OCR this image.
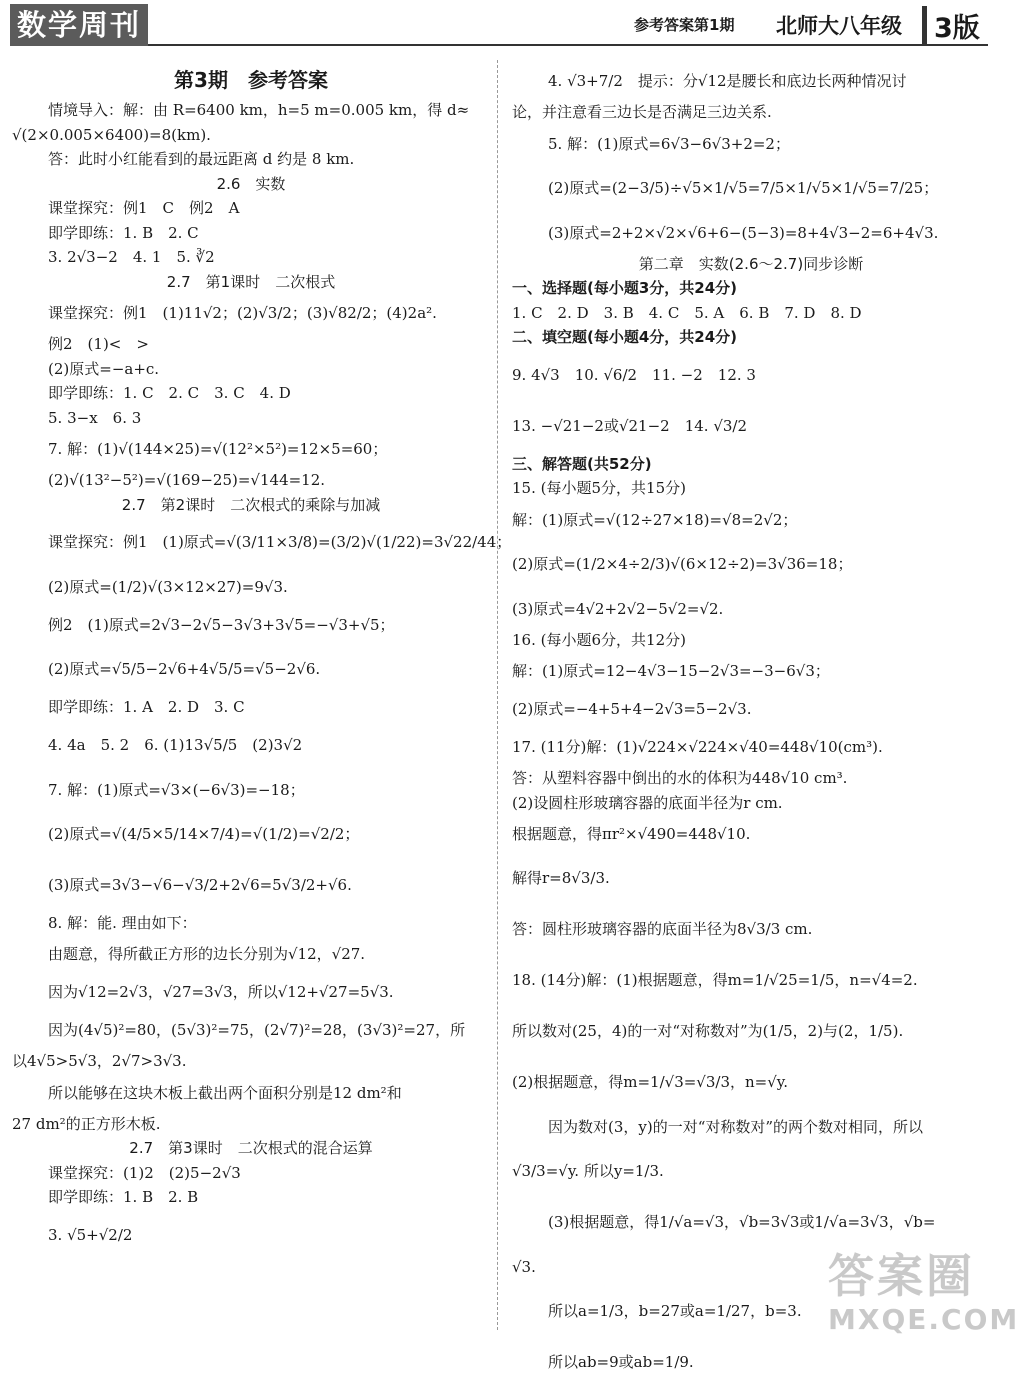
数学周刊	参考答案第1期 北师大八年级 3版
第3期　参考答案
情境导入：解：由 R=6400 km，h=5 m=0.005 km，得 d≈
√(2×0.005×6400)=8(km).
答：此时小红能看到的最远距离 d 约是 8 km.
2.6　实数
课堂探究：例1　C　例2　A
即学即练：1. B　2. C
3. 2√3−2　4. 1　5. ∛2
2.7　第1课时　二次根式
课堂探究：例1　(1)11√2；(2)√3/2；(3)√82/2；(4)2a².
例2　(1)<　>
(2)原式=−a+c.
即学即练：1. C　2. C　3. C　4. D
5. 3−x　6. 3
7. 解：(1)√(144×25)=√(12²×5²)=12×5=60；
(2)√(13²−5²)=√(169−25)=√144=12.
2.7　第2课时　二次根式的乘除与加减
课堂探究：例1　(1)原式=√(3/11×3/8)=(3/2)√(1/22)=3√22/44；
(2)原式=(1/2)√(3×12×27)=9√3.
例2　(1)原式=2√3−2√5−3√3+3√5=−√3+√5；
(2)原式=√5/5−2√6+4√5/5=√5−2√6.
即学即练：1. A　2. D　3. C
4. 4a　5. 2　6. (1)13√5/5　(2)3√2
7. 解：(1)原式=√3×(−6√3)=−18；
(2)原式=√(4/5×5/14×7/4)=√(1/2)=√2/2；
(3)原式=3√3−√6−√3/2+2√6=5√3/2+√6.
8. 解：能. 理由如下：
由题意，得所截正方形的边长分别为√12，√27.
因为√12=2√3，√27=3√3，所以√12+√27=5√3.
因为(4√5)²=80，(5√3)²=75，(2√7)²=28，(3√3)²=27，所
以4√5>5√3，2√7>3√3.
所以能够在这块木板上截出两个面积分别是12 dm²和
27 dm²的正方形木板.
2.7　第3课时　二次根式的混合运算
课堂探究：(1)2　(2)5−2√3
即学即练：1. B　2. B
3. √5+√2/2
4. √3+7/2　提示：分√12是腰长和底边长两种情况讨
论，并注意看三边长是否满足三边关系.
5. 解：(1)原式=6√3−6√3+2=2；
(2)原式=(2−3/5)÷√5×1/√5=7/5×1/√5×1/√5=7/25；
(3)原式=2+2×√2×√6+6−(5−3)=8+4√3−2=6+4√3.
第二章　实数(2.6～2.7)同步诊断
一、选择题(每小题3分，共24分)
1. C　2. D　3. B　4. C　5. A　6. B　7. D　8. D
二、填空题(每小题4分，共24分)
9. 4√3　10. √6/2　11. −2　12. 3
13. −√21−2或√21−2　14. √3/2
三、解答题(共52分)
15. (每小题5分，共15分)
解：(1)原式=√(12÷27×18)=√8=2√2；
(2)原式=(1/2×4÷2/3)√(6×12÷2)=3√36=18；
(3)原式=4√2+2√2−5√2=√2.
16. (每小题6分，共12分)
解：(1)原式=12−4√3−15−2√3=−3−6√3；
(2)原式=−4+5+4−2√3=5−2√3.
17. (11分)解：(1)√224×√224×√40=448√10(cm³).
答：从塑料容器中倒出的水的体积为448√10 cm³.
(2)设圆柱形玻璃容器的底面半径为r cm.
根据题意，得πr²×√490=448√10.
解得r=8√3/3.
答：圆柱形玻璃容器的底面半径为8√3/3 cm.
18. (14分)解：(1)根据题意，得m=1/√25=1/5，n=√4=2.
所以数对(25，4)的一对“对称数对”为(1/5，2)与(2，1/5).
(2)根据题意，得m=1/√3=√3/3，n=√y.
因为数对(3，y)的一对“对称数对”的两个数对相同，所以
√3/3=√y. 所以y=1/3.
(3)根据题意，得1/√a=√3，√b=3√3或1/√a=3√3，√b=
√3.
所以a=1/3，b=27或a=1/27，b=3.
所以ab=9或ab=1/9.
答案圈
MXQE.COM
